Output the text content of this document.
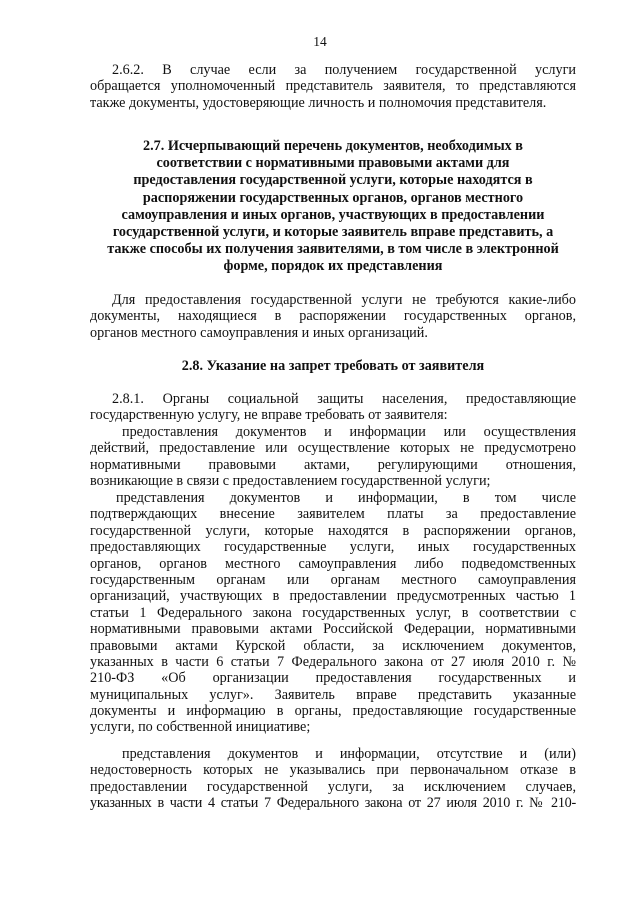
14
2.6.2. В случае если за получением государственной услуги
обращается уполномоченный представитель заявителя, то представляются
также документы, удостоверяющие личность и полномочия представителя.
2.7. Исчерпывающий перечень документов, необходимых в
соответствии с нормативными правовыми актами для
предоставления государственной услуги, которые находятся в
распоряжении государственных органов, органов местного
самоуправления и иных органов, участвующих в предоставлении
государственной услуги, и которые заявитель вправе представить, а
также способы их получения заявителями, в том числе в электронной
форме, порядок их представления
Для предоставления государственной услуги не требуются какие-либо
документы, находящиеся в распоряжении государственных органов,
органов местного самоуправления и иных организаций.
2.8. Указание на запрет требовать от заявителя
2.8.1. Органы социальной защиты населения, предоставляющие
государственную услугу, не вправе требовать от заявителя:
предоставления документов и информации или осуществления
действий, предоставление или осуществление которых не предусмотрено
нормативными правовыми актами, регулирующими отношения,
возникающие в связи с предоставлением государственной услуги;
представления документов и информации, в том числе
подтверждающих внесение заявителем платы за предоставление
государственной услуги, которые находятся в распоряжении органов,
предоставляющих государственные услуги, иных государственных
органов, органов местного самоуправления либо подведомственных
государственным органам или органам местного самоуправления
организаций, участвующих в предоставлении предусмотренных частью 1
статьи 1 Федерального закона государственных услуг, в соответствии с
нормативными правовыми актами Российской Федерации, нормативными
правовыми актами Курской области, за исключением документов,
указанных в части 6 статьи 7 Федерального закона от 27 июля 2010 г. №
210-ФЗ «Об организации предоставления государственных и
муниципальных услуг». Заявитель вправе представить указанные
документы и информацию в органы, предоставляющие государственные
услуги, по собственной инициативе;
представления документов и информации, отсутствие и (или)
недостоверность которых не указывались при первоначальном отказе в
предоставлении государственной услуги, за исключением случаев,
указанных в части 4 статьи 7 Федерального закона от 27 июля 2010 г. № 210-
